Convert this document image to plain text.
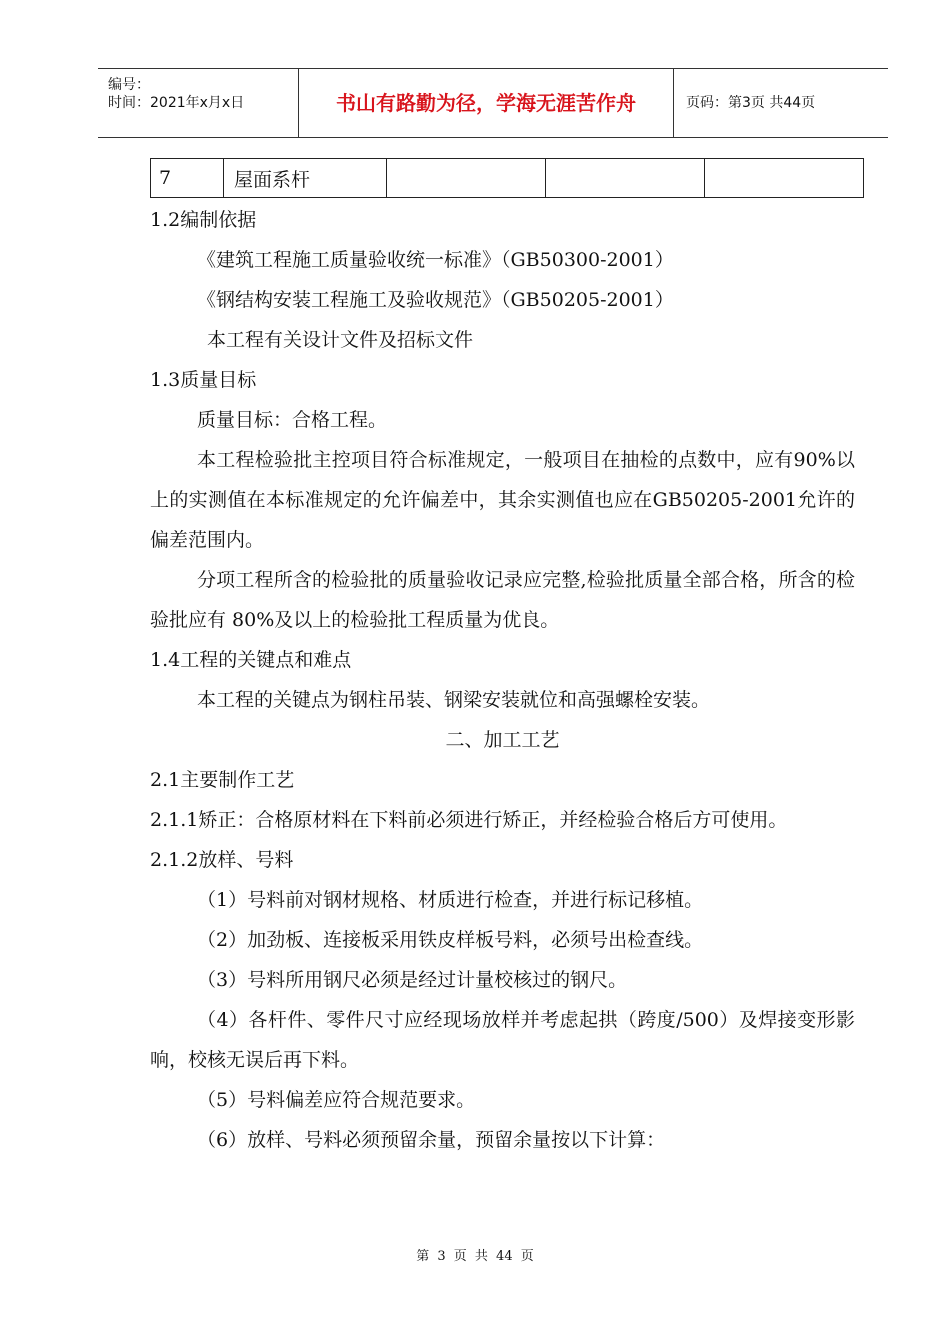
编号：
时间：2021年x月x日	书山有路勤为径，学海无涯苦作舟	页码：第3页 共44页
7	屋面系杆			

1.2编制依据

《建筑工程施工质量验收统一标准》（GB50300-2001）

《钢结构安装工程施工及验收规范》（GB50205-2001）

本工程有关设计文件及招标文件

1.3质量目标

质量目标：合格工程。

本工程检验批主控项目符合标准规定，一般项目在抽检的点数中，应有90%以上的实测值在本标准规定的允许偏差中，其余实测值也应在GB50205-2001允许的偏差范围内。

分项工程所含的检验批的质量验收记录应完整,检验批质量全部合格，所含的检验批应有 80%及以上的检验批工程质量为优良。

1.4工程的关键点和难点

本工程的关键点为钢柱吊装、钢梁安装就位和高强螺栓安装。

二、加工工艺

2.1主要制作工艺

2.1.1矫正：合格原材料在下料前必须进行矫正，并经检验合格后方可使用。

2.1.2放样、号料

（1）号料前对钢材规格、材质进行检查，并进行标记移植。

（2）加劲板、连接板采用铁皮样板号料，必须号出检查线。

（3）号料所用钢尺必须是经过计量校核过的钢尺。

（4）各杆件、零件尺寸应经现场放样并考虑起拱（跨度/500）及焊接变形影响，校核无误后再下料。

（5）号料偏差应符合规范要求。

（6）放样、号料必须预留余量，预留余量按以下计算：

第 3 页 共 44 页
